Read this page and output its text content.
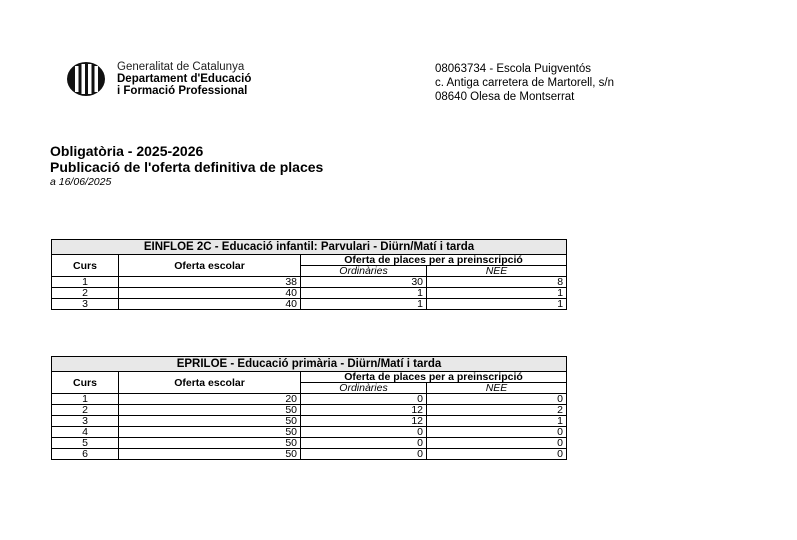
Generalitat de Catalunya
Departament d'Educació
i Formació Professional
08063734 - Escola Puigventós
c. Antiga carretera de Martorell, s/n
08640 Olesa de Montserrat
Obligatòria - 2025-2026
Publicació de l'oferta definitiva de places
a 16/06/2025
EINFLOE 2C - Educació infantil: Parvulari - Diürn/Matí i tarda			
Curs	Oferta escolar	Oferta de places per a preinscripció	
		Ordinàries	NEE
1	38	30	8
2	40	1	1
3	40	1	1
EPRILOE - Educació primària - Diürn/Matí i tarda			
Curs	Oferta escolar	Oferta de places per a preinscripció	
		Ordinàries	NEE
1	20	0	0
2	50	12	2
3	50	12	1
4	50	0	0
5	50	0	0
6	50	0	0
